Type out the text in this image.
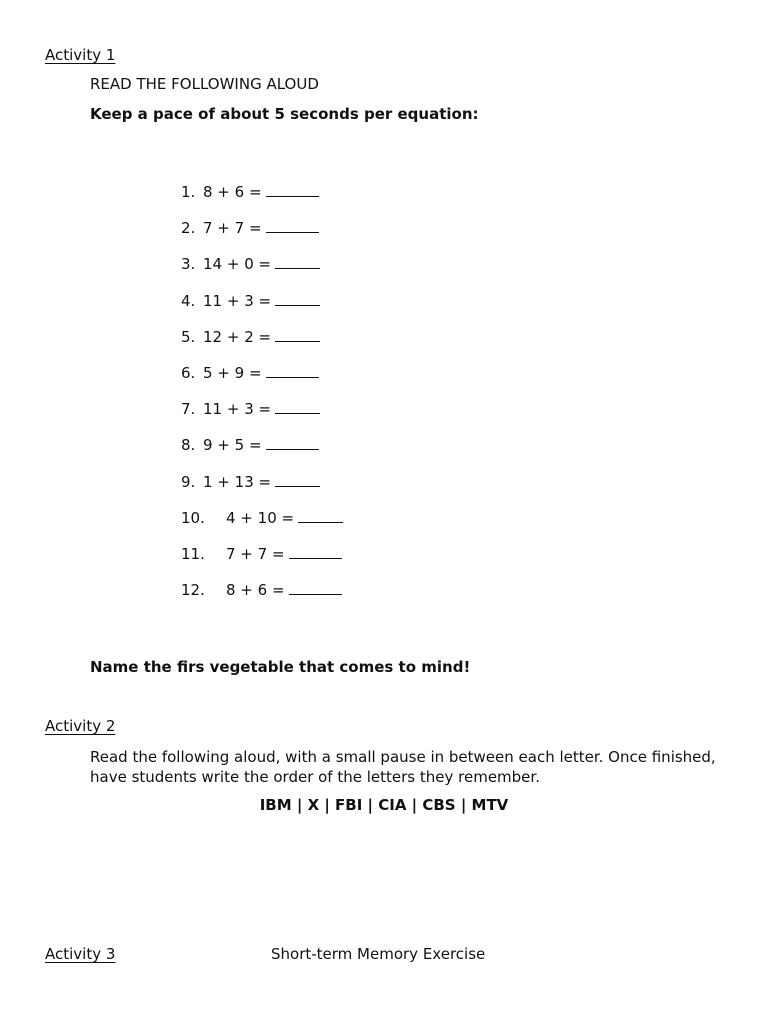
Activity 1
READ THE FOLLOWING ALOUD
Keep a pace of about 5 seconds per equation:
1. 8 + 6 =
2. 7 + 7 =
3. 14 + 0 =
4. 11 + 3 =
5. 12 + 2 =
6. 5 + 9 =
7. 11 + 3 =
8. 9 + 5 =
9. 1 + 13 =
10. 4 + 10 =
11. 7 + 7 =
12. 8 + 6 =
Name the firs vegetable that comes to mind!
Activity 2
Read the following aloud, with a small pause in between each letter. Once finished, have students write the order of the letters they remember.
IBM | X | FBI | CIA | CBS | MTV
Activity 3	Short-term Memory Exercise
